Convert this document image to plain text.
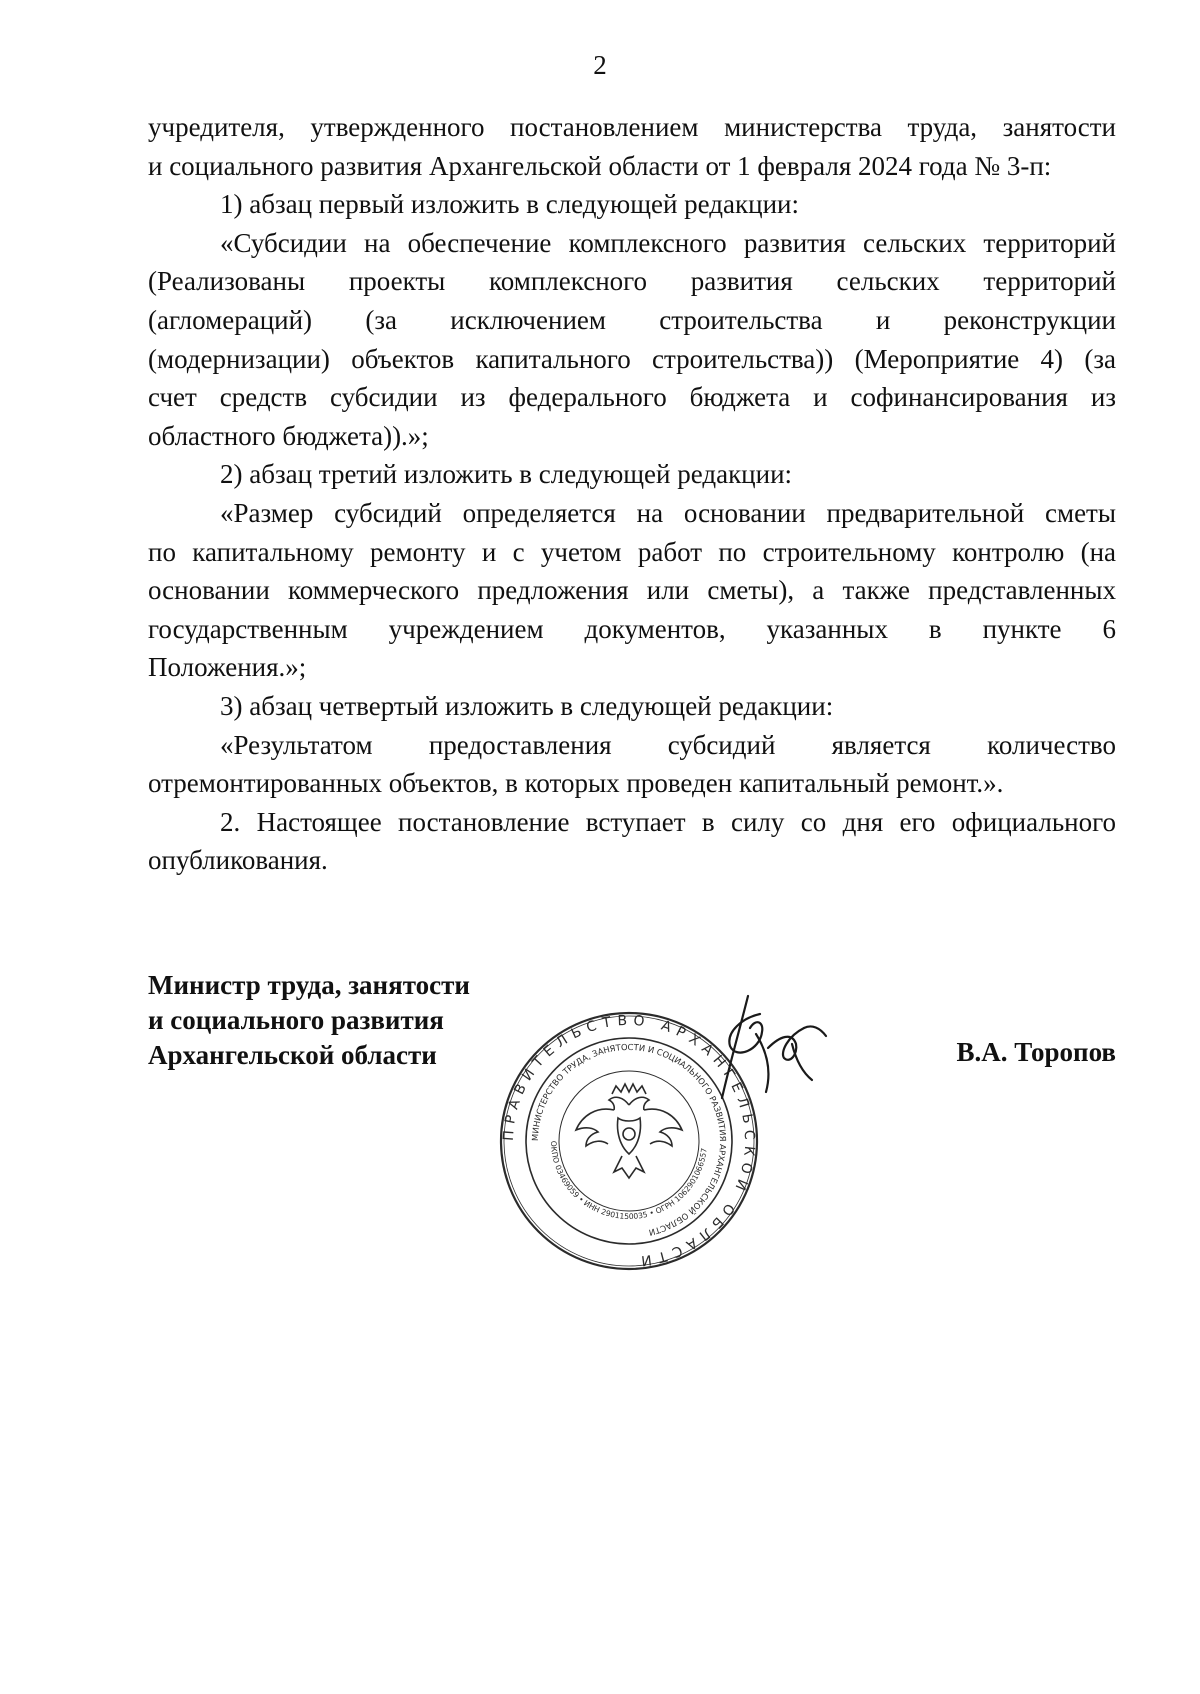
2

учредителя, утвержденного постановлением министерства труда, занятости

и социального развития Архангельской области от 1 февраля 2024 года № 3-п:

1) абзац первый изложить в следующей редакции:

«Субсидии на обеспечение комплексного развития сельских территорий

(Реализованы проекты комплексного развития сельских территорий

(агломераций) (за исключением строительства и реконструкции

(модернизации) объектов капитального строительства)) (Мероприятие 4) (за

счет средств субсидии из федерального бюджета и софинансирования из

областного бюджета)).»;

2) абзац третий изложить в следующей редакции:

«Размер субсидий определяется на основании предварительной сметы

по капитальному ремонту и с учетом работ по строительному контролю (на

основании коммерческого предложения или сметы), а также представленных

государственным учреждением документов, указанных в пункте 6

Положения.»;

3) абзац четвертый изложить в следующей редакции:

«Результатом предоставления субсидий является количество

отремонтированных объектов, в которых проведен капитальный ремонт.».

2. Настоящее постановление вступает в силу со дня его официального

опубликования.

Министр труда, занятости
и социального развития
Архангельской области	В.А. Торопов
ПРАВИТЕЛЬСТВО АРХАНГЕЛЬСКОЙ ОБЛАСТИ
МИНИСТЕРСТВО ТРУДА, ЗАНЯТОСТИ И СОЦИАЛЬНОГО РАЗВИТИЯ АРХАНГЕЛЬСКОЙ ОБЛАСТИ
ОКПО 03469059 • ИНН 2901150035 • ОГРН 1062901066557
